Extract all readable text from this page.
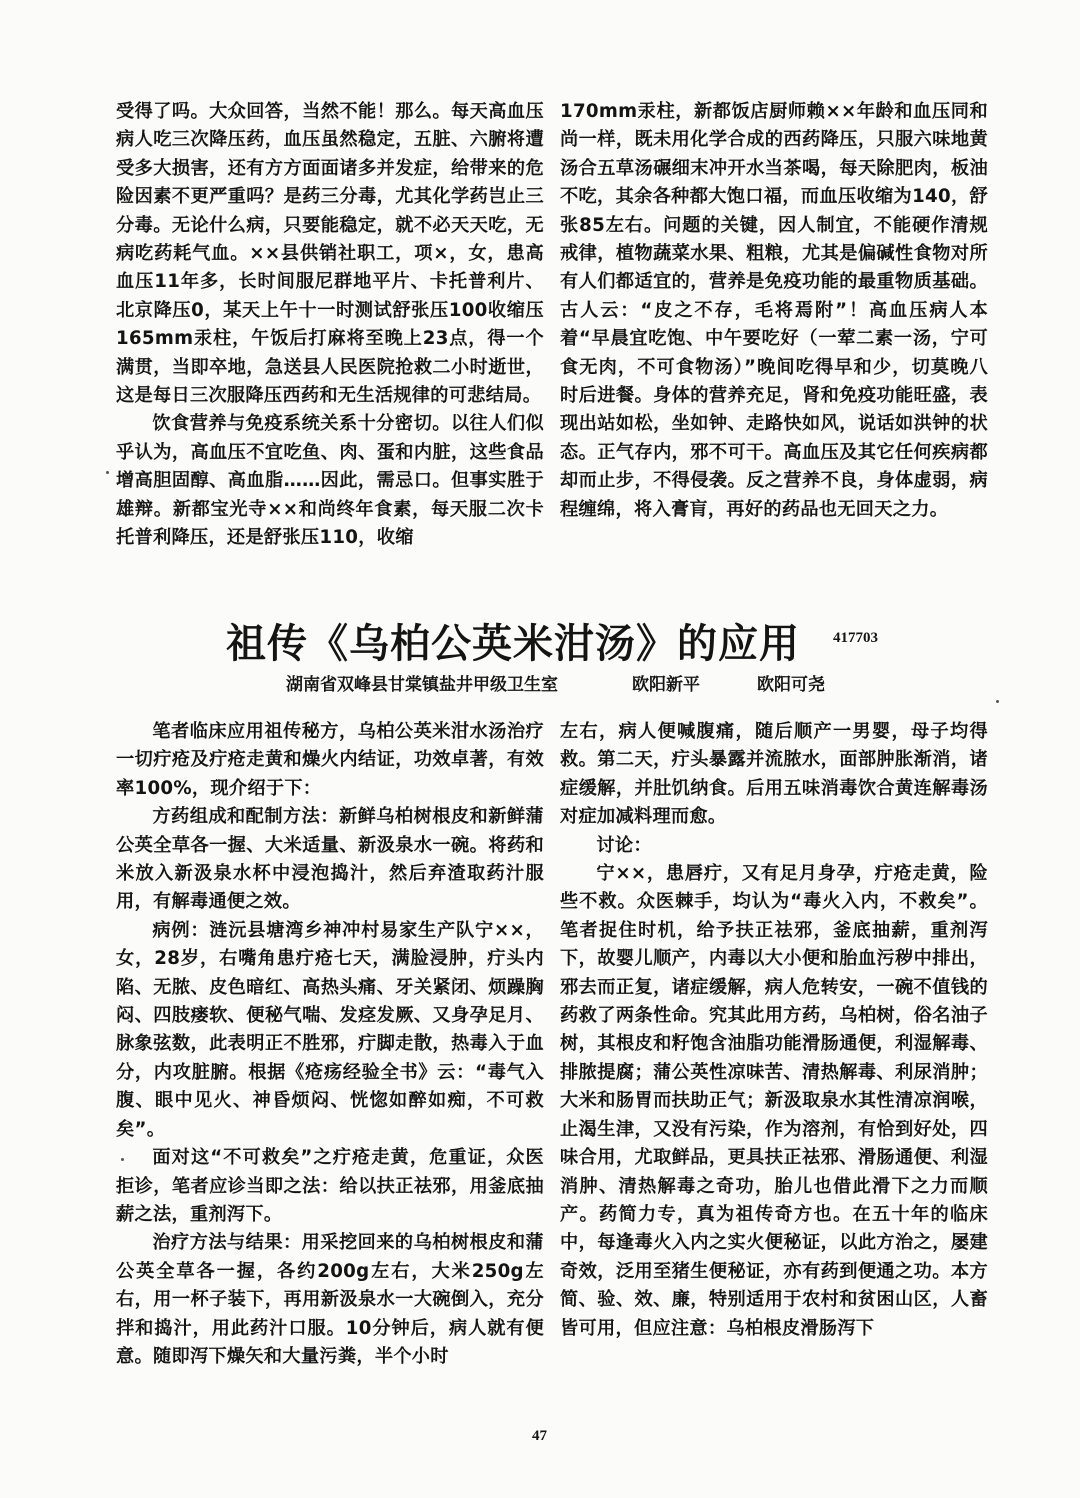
受得了吗。大众回答，当然不能！那么。每天高血压病人吃三次降压药，血压虽然稳定，五脏、六腑将遭受多大损害，还有方方面面诸多并发症，给带来的危险因素不更严重吗？是药三分毒，尤其化学药岂止三分毒。无论什么病，只要能稳定，就不必天天吃，无病吃药耗气血。××县供销社职工，项×，女，患高血压11年多，长时间服尼群地平片、卡托普利片、北京降压0，某天上午十一时测试舒张压100收缩压165mm汞柱，午饭后打麻将至晚上23点，得一个满贯，当即卒地，急送县人民医院抢救二小时逝世，这是每日三次服降压西药和无生活规律的可悲结局。

饮食营养与免疫系统关系十分密切。以往人们似乎认为，高血压不宜吃鱼、肉、蛋和内脏，这些食品增高胆固醇、高血脂……因此，需忌口。但事实胜于雄辩。新都宝光寺××和尚终年食素，每天服二次卡托普利降压，还是舒张压110，收缩

170mm汞柱，新都饭店厨师赖××年龄和血压同和尚一样，既未用化学合成的西药降压，只服六味地黄汤合五草汤碾细末冲开水当茶喝，每天除肥肉，板油不吃，其余各种都大饱口福，而血压收缩为140，舒张85左右。问题的关键，因人制宜，不能硬作清规戒律，植物蔬菜水果、粗粮，尤其是偏碱性食物对所有人们都适宜的，营养是免疫功能的最重物质基础。古人云：“皮之不存，毛将焉附”！高血压病人本着“早晨宜吃饱、中午要吃好（一荤二素一汤，宁可食无肉，不可食物汤）”晚间吃得早和少，切莫晚八时后进餐。身体的营养充足，肾和免疫功能旺盛，表现出站如松，坐如钟、走路快如风，说话如洪钟的状态。正气存内，邪不可干。高血压及其它任何疾病都却而止步，不得侵袭。反之营养不良，身体虚弱，病程缠绵，将入膏肓，再好的药品也无回天之力。

祖传《乌柏公英米泔汤》的应用 417703
湖南省双峰县甘棠镇盐井甲级卫生室	欧阳新平	欧阳可尧

笔者临床应用祖传秘方，乌柏公英米泔水汤治疗一切疔疮及疔疮走黄和燥火内结证，功效卓著，有效率100%，现介绍于下：

方药组成和配制方法：新鲜乌柏树根皮和新鲜蒲公英全草各一握、大米适量、新汲泉水一碗。将药和米放入新汲泉水杯中浸泡捣汁，然后弃渣取药汁服用，有解毒通便之效。

病例：涟沅县塘湾乡神冲村易家生产队宁××，女，28岁，右嘴角患疔疮七天，满脸浸肿，疔头内陷、无脓、皮色暗红、高热头痛、牙关紧闭、烦躁胸闷、四肢瘘软、便秘气喘、发痉发厥、又身孕足月、脉象弦数，此表明正不胜邪，疔脚走散，热毒入于血分，内攻脏腑。根据《疮疡经验全书》云：“毒气入腹、眼中见火、神昏烦闷、恍惚如醉如痴，不可救矣”。

面对这“不可救矣”之疔疮走黄，危重证，众医拒诊，笔者应诊当即之法：给以扶正祛邪，用釜底抽薪之法，重剂泻下。

治疗方法与结果：用采挖回来的乌柏树根皮和蒲公英全草各一握，各约200g左右，大米250g左右，用一杯子装下，再用新汲泉水一大碗倒入，充分拌和捣汁，用此药汁口服。10分钟后，病人就有便意。随即泻下燥矢和大量污粪，半个小时

左右，病人便喊腹痛，随后顺产一男婴，母子均得救。第二天，疔头暴露并流脓水，面部肿胀渐消，诸症缓解，并肚饥纳食。后用五味消毒饮合黄连解毒汤对症加减料理而愈。

讨论：

宁××，患唇疔，又有足月身孕，疔疮走黄，险些不救。众医棘手，均认为“毒火入内，不救矣”。笔者捉住时机，给予扶正祛邪，釜底抽薪，重剂泻下，故婴儿顺产，内毒以大小便和胎血污秽中排出，邪去而正复，诸症缓解，病人危转安，一碗不值钱的药救了两条性命。究其此用方药，乌柏树，俗名油子树，其根皮和籽饱含油脂功能滑肠通便，利湿解毒、排脓提腐；蒲公英性凉味苦、清热解毒、利尿消肿；大米和肠胃而扶助正气；新汲取泉水其性清凉润喉，止渴生津，又没有污染，作为溶剂，有恰到好处，四味合用，尤取鲜品，更具扶正祛邪、滑肠通便、利湿消肿、清热解毒之奇功，胎儿也借此滑下之力而顺产。药简力专，真为祖传奇方也。在五十年的临床中，每逢毒火入内之实火便秘证，以此方治之，屡建奇效，泛用至猪生便秘证，亦有药到便通之功。本方简、验、效、廉，特别适用于农村和贫困山区，人畜皆可用，但应注意：乌柏根皮滑肠泻下

47
